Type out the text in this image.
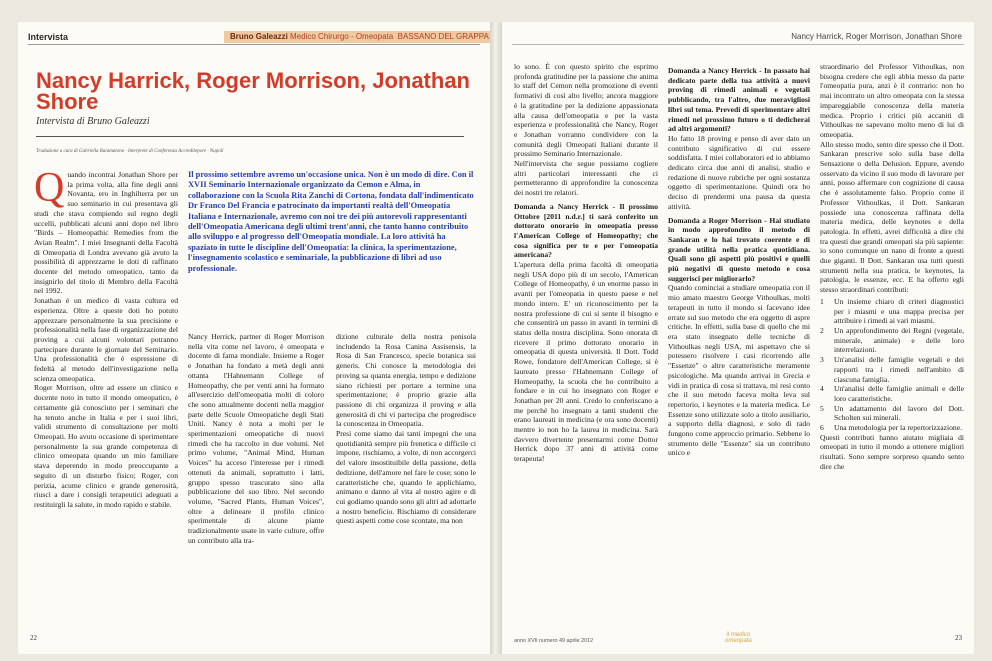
Intervista	Bruno Galeazzi Medico Chirurgo - Omeopata BASSANO DEL GRAPPA
Nancy Harrick, Roger Morrison, Jonathan Shore
Intervista di Bruno Galeazzi
Traduzione a cura di Gabriella Baiamatono · Interprete di Conferenza Accreditepore · Napoli

Quando incontrai Jonathan Shore per la prima volta, alla fine degli anni Novanta, ero in Inghilterra per un suo seminario in cui presentava gli studi che stava compiendo sul regno degli uccelli, pubblicati alcuni anni dopo nel libro "Birds – Homeopathic Remedies from the Avian Realm". I miei Insegnanti della Facoltà di Omeopatia di Londra avevano già avuto la possibilità di apprezzarne le doti di raffinato docente del metodo omeopatico, tanto da insignirlo del titolo di Membro della Facoltà nel 1992.

Jonathan è un medico di vasta cultura ed esperienza. Oltre a queste doti ho potuto apprezzare personalmente la sua precisione e professionalità nella fase di organizzazione del proving a cui alcuni volontari potranno partecipare durante le giornate del Seminario. Una professionalità che è espressione di fedeltà al metodo dell'investigazione nella scienza omeopatica.

Roger Morrison, oltre ad essere un clinico e docente noto in tutto il mondo omeopatico, è certamente già conosciuto per i seminari che ha tenuto anche in Italia e per i suoi libri, validi strumento di consultazione per molti Omeopati. Ho avuto occasione di sperimentare personalmente la sua grande competenza di clinico omeopata quando un mio familiare stava deperendo in modo preoccupante a seguito di un disturbo fisico; Roger, con perizia, acume clinico e grande generosità, riuscì a dare i consigli terapeutici adeguati a restituirgli la salute, in modo rapido e stabile.

Il prossimo settembre avremo un'occasione unica. Non è un modo di dire. Con il XVII Seminario Internazionale organizzato da Cemon e Alma, in collaborazione con la Scuola Rita Zanchi di Cortona, fondata dall'indimenticato Dr Franco Del Francia e patrocinato da importanti realtà dell'Omeopatia Italiana e Internazionale, avremo con noi tre dei più autorevoli rappresentanti dell'Omeopatia Americana degli ultimi trent'anni, che tanto hanno contribuito allo sviluppo e al progresso dell'Omeopatia mondiale. La loro attività ha spaziato in tutte le discipline dell'Omeopatia: la clinica, la sperimentazione, l'insegnamento scolastico e seminariale, la pubblicazione di libri ad uso professionale.

Nancy Herrick, partner di Roger Morrison nella vita come nel lavoro, è omeopata e docente di fama mondiale. Insieme a Roger e Jonathan ha fondato a metà degli anni ottanta l'Hahnemann College of Homeopathy, che per venti anni ha formato all'esercizio dell'omeopatia molti di coloro che sono attualmente docenti nella maggior parte delle Scuole Omeopatiche degli Stati Uniti. Nancy è nota a molti per le sperimentazioni omeopatiche di nuovi rimedi che ha raccolto in due volumi. Nel primo volume, "Animal Mind, Human Voices" ha acceso l'interesse per i rimedi ottenuti da animali, soprattutto i latti, gruppo spesso trascurato sino alla pubblicazione del suo libro. Nel secondo volume, "Sacred Plants, Human Voices", oltre a delineare il profilo clinico sperimentale di alcune piante tradizionalmente usate in varie culture, offre un contributo alla tra-

dizione culturale della nostra penisola includendo la Rosa Canina Assisensis, la Rosa di San Francesco, specie botanica sui generis. Chi conosce la metodologia dei proving sa quanta energia, tempo e dedizione siano richiesti per portare a termine una sperimentazione; è proprio grazie alla passione di chi organizza il proving e alla generosità di chi vi partecipa che progredisce la conoscenza in Omeopatia.

Presi come siamo dai tanti impegni che una quotidianità sempre più frenetica e difficile ci impone, rischiamo, a volte, di non accorgerci del valore insostituibile della passione, della dedizione, dell'amore nel fare le cose; sono le caratteristiche che, quando le applichiamo, animano e danno al vita al nostro agire e di cui godiamo quando sono gli altri ad adottarle a nostro beneficio. Rischiamo di considerare questi aspetti come cose scontate, ma non

22
Nancy Harrick, Roger Morrison, Jonathan Shore

lo sono. È con questo spirito che esprimo profonda gratitudine per la passione che anima lo staff del Cemon nella promozione di eventi formativi di così alto livello; ancora maggiore è la gratitudine per la dedizione appassionata alla causa dell'omeopatia e per la vasta esperienza e professionalità che Nancy, Roger e Jonathan vorranno condividere con la comunità degli Omeopati Italiani durante il prossimo Seminario Internazionale.

Nell'intervista che segue possiamo cogliere altri particolari interessanti che ci permetteranno di approfondire la conoscenza dei nostri tre relatori.

Domanda a Nancy Herrick - Il prossimo Ottobre [2011 n.d.r.] ti sarà conferito un dottorato onorario in omeopatia presso l'American College of Homeopathy; che cosa significa per te e per l'omeopatia americana?

L'apertura della prima facoltà di omeopatia negli USA dopo più di un secolo, l'American College of Homeopathy, è un enorme passo in avanti per l'omeopatia in questo paese e nel mondo intero. E' un riconoscimento per la nostra professione di cui si sente il bisogno e che consentirà un passo in avanti in termini di status della nostra disciplina. Sono onorata di ricevere il primo dottorato onorario in omeopatia di questa università. Il Dott. Todd Rowe, fondatore dell'American College, si è laureato presso l'Hahnemann College of Homeopathy, la scuola che ho contribuito a fondare e in cui ho insegnato con Roger e Jonathan per 20 anni. Credo lo conferiscano a me perché ho insegnato a tanti studenti che erano laureati in medicina (e ora sono docenti) mentre io non ho la laurea in medicina. Sarà davvero divertente presentarmi come Dottor Herrick dopo 37 anni di attività come terapeuta!

Domanda a Nancy Herrick - In passato hai dedicato parte della tua attività a nuovi proving di rimedi animali e vegetali pubblicando, tra l'altro, due meravigliosi libri sul tema. Prevedi di sperimentare altri rimedi nel prossimo futuro o ti dedicherai ad altri argomenti?

Ho fatto 18 proving e penso di aver dato un contributo significativo di cui essere soddisfatta. I miei collaboratori ed io abbiamo dedicato circa due anni di analisi, studio e redazione di nuove rubriche per ogni sostanza oggetto di sperimentazione. Quindi ora ho deciso di prendermi una pausa da questa attività.

Domanda a Roger Morrison - Hai studiato in modo approfondito il metodo di Sankaran e lo hai trovato coerente e di grande utilità nella pratica quotidiana. Quali sono gli aspetti più positivi e quelli più negativi di questo metodo e cosa suggerisci per migliorarlo?

Quando cominciai a studiare omeopatia con il mio amato maestro George Vithoulkas, molti terapeuti in tutto il mondo si facevano idee errate sul suo metodo che era oggetto di aspre critiche. In effetti, sulla base di quello che mi era stato insegnato delle tecniche di Vithoulkas negli USA, mi aspettavo che si potessero risolvere i casi ricorrendo alle "Essenze" o altre caratteristiche meramente psicologiche. Ma quando arrivai in Grecia e vidi in pratica di cosa si trattava, mi resi conto che il suo metodo faceva molta leva sul repertorio, i keynotes e la materia medica. Le Essenze sono utilizzate solo a titolo ausiliario, a supporto della diagnosi, e solo di rado fungono come approccio primario. Sebbene lo strumento delle "Essenze" sia un contributo unico e

straordinario del Professor Vithoulkas, non bisogna credere che egli abbia messo da parte l'omeopatia pura, anzi è il contrario: non ho mai incontrato un altro omeopata con la stessa impareggiabile conoscenza della materia medica. Proprio i critici più accaniti di Vithoulkas ne sapevano molto meno di lui di omeopatia.

Allo stesso modo, sento dire spesso che il Dott. Sankaran prescrive solo sulla base della Sensazione o della Delusion. Eppure, avendo osservato da vicino il suo modo di lavorare per anni, posso affermare con cognizione di causa che è assolutamente falso. Proprio come il Professor Vithoulkas, il Dott. Sankaran possiede una conoscenza raffinata della materia medica, delle keynotes e della patologia. In effetti, avrei difficoltà a dire chi tra questi due grandi omeopati sia più sapiente: io sono comunque un nano di fronte a questi due giganti. Il Dott. Sankaran usa tutti questi strumenti nella sua pratica, le keynotes, la patologia, le essenze, ecc. E ha offerto egli stesso straordinari contributi:

1	Un insieme chiaro di criteri diagnostici per i miasmi e una mappa precisa per attribuire i rimedi ai vari miasmi.
2	Un approfondimento dei Regni (vegetale, minerale, animale) e delle loro interrelazioni.
3	Un'analisi delle famiglie vegetali e dei rapporti tra i rimedi nell'ambito di ciascuna famiglia.
4	Un'analisi delle famiglie animali e delle loro caratteristiche.
5	Un adattamento del lavoro del Dott. Scholten sui minerali.
6	Una metodologia per la repertorizzazione.

Questi contributi hanno aiutato migliaia di omeopati in tutto il mondo a ottenere migliori risultati. Sono sempre sorpreso quando sento dire che

anno XVII numero 49 aprile 2012
il medico
omeopata	23
